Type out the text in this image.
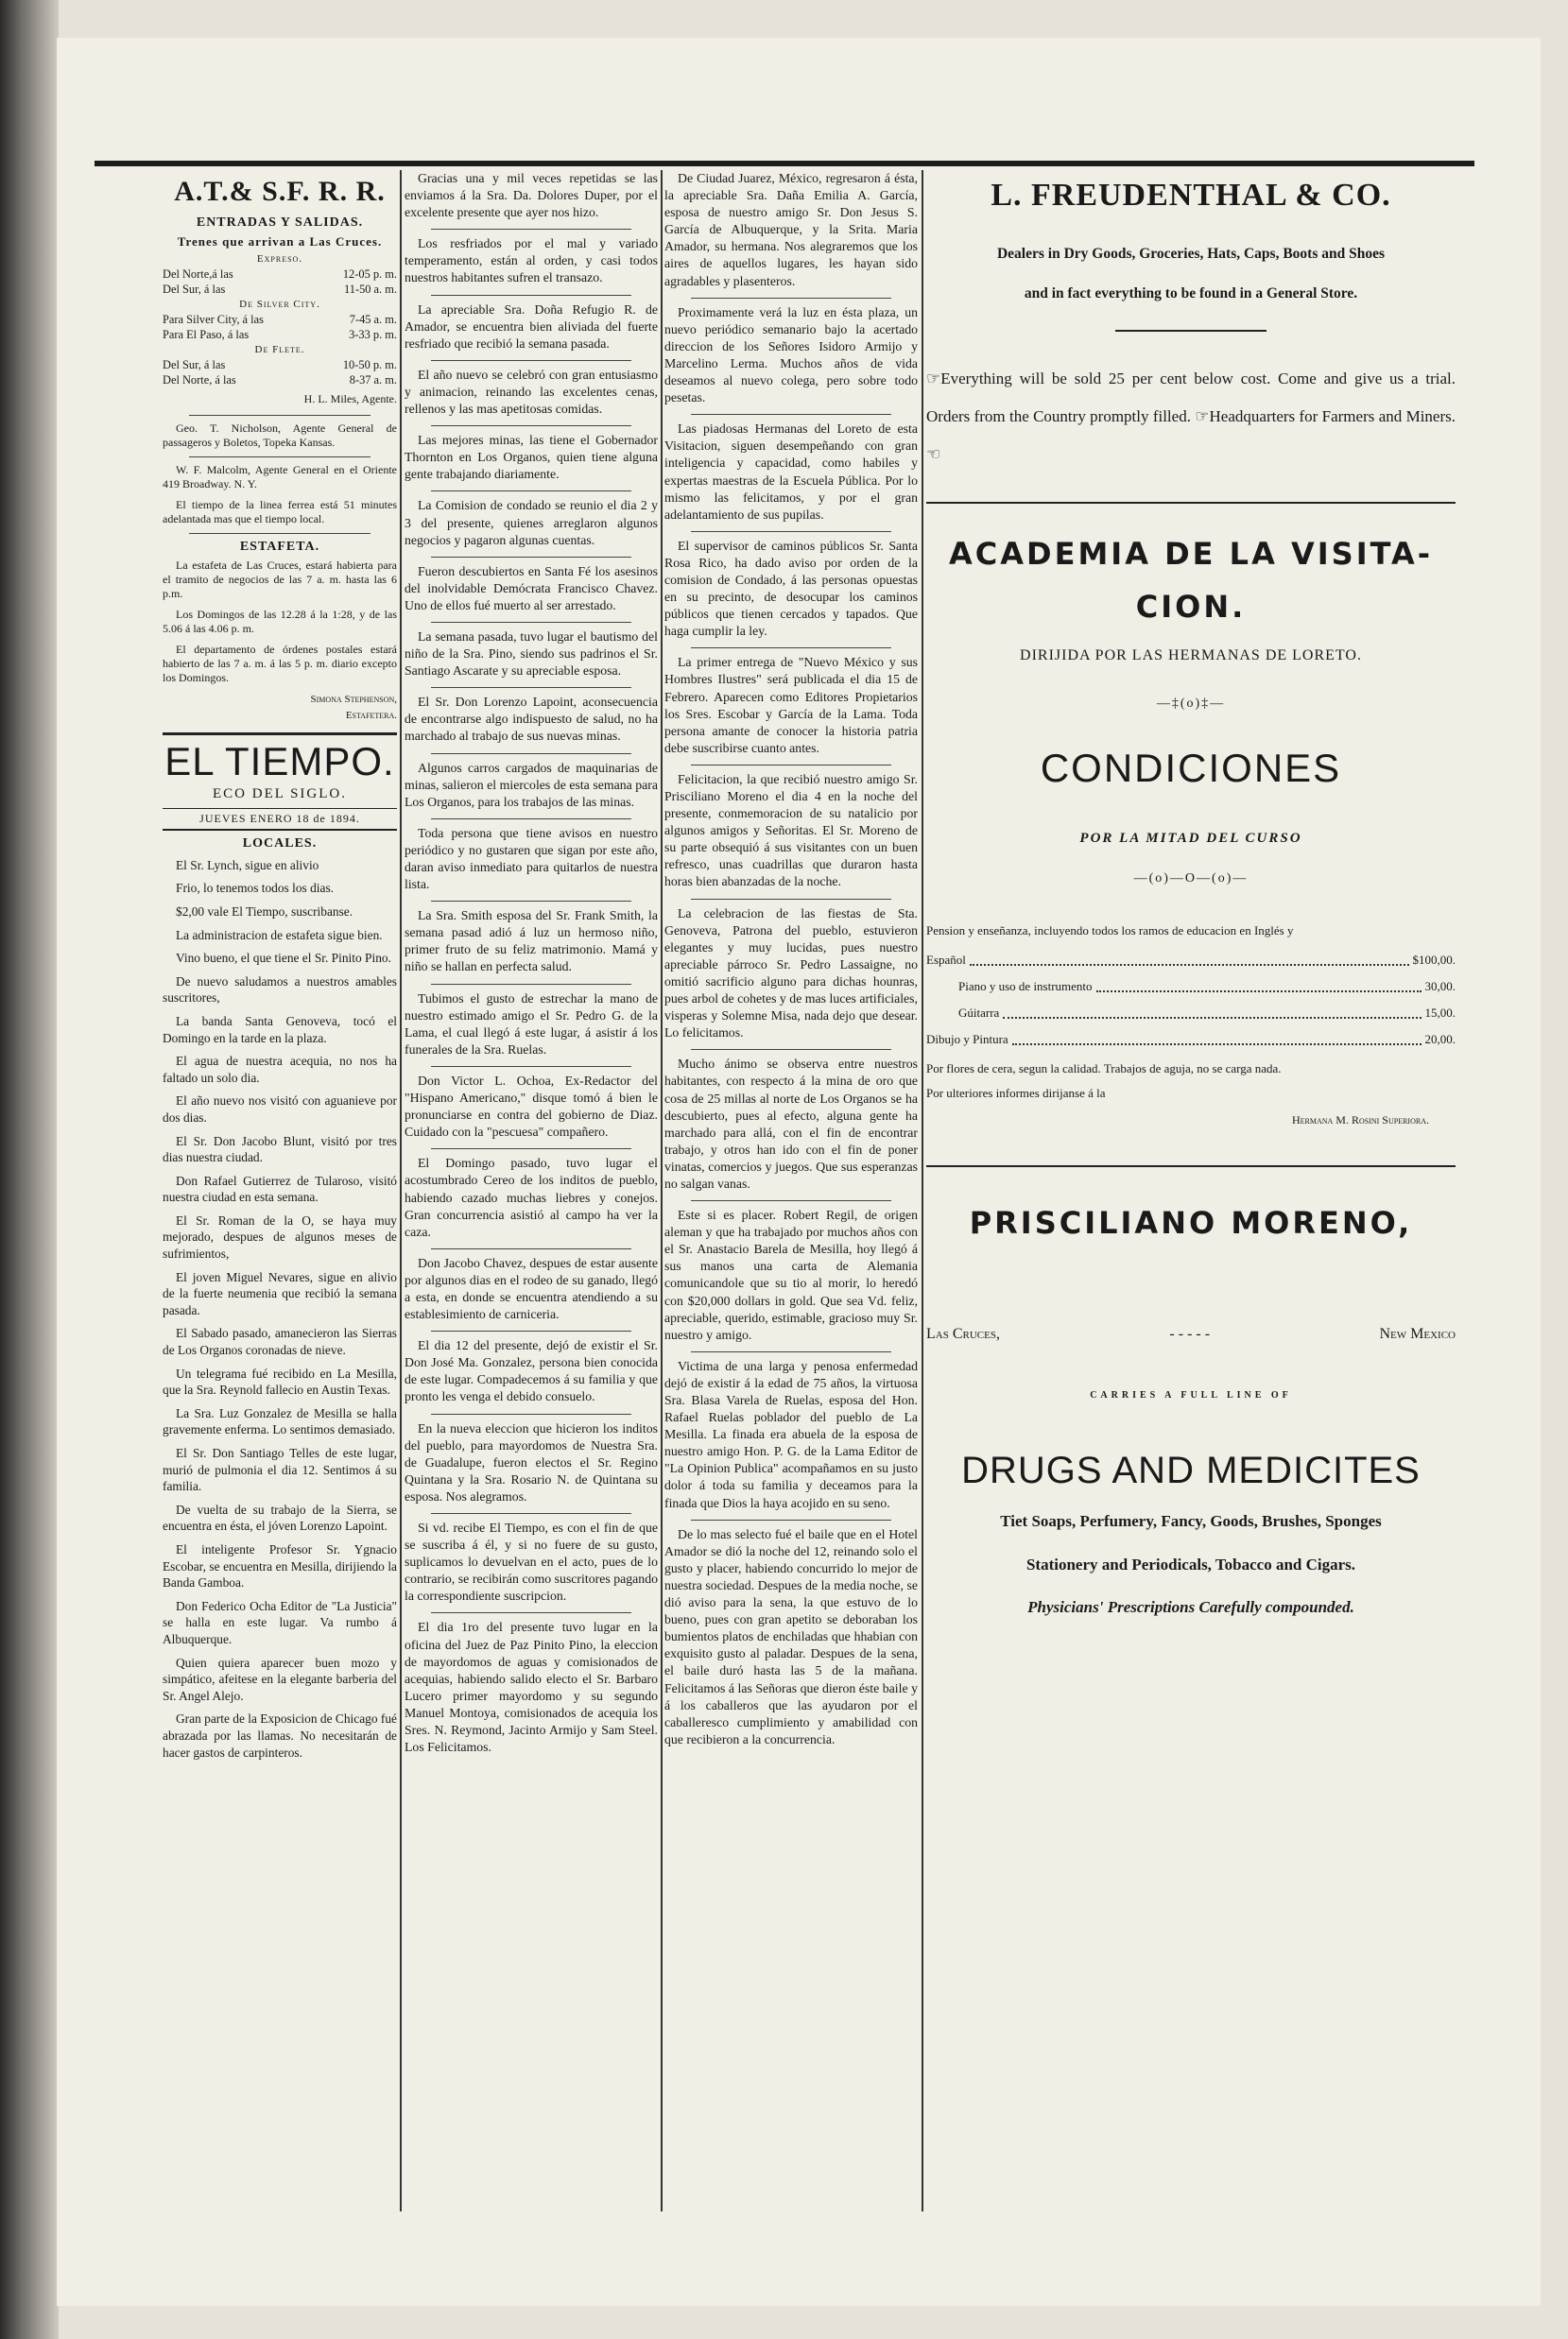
A.T.& S.F. R. R.
ENTRADAS Y SALIDAS.
Trenes que arrivan a Las Cruces.
Expreso.
Del Norte,á las	12-05 p. m.
Del Sur, á las	11-50 a. m.
De Silver City.
Para Silver City, á las	7-45 a. m.
Para El Paso, á las	3-33 p. m.
De Flete.
Del Sur, á las	10-50 p. m.
Del Norte, á las	8-37 a. m.

H. L. Miles, Agente.

Geo. T. Nicholson, Agente General de passageros y Boletos, Topeka Kansas.

W. F. Malcolm, Agente General en el Oriente 419 Broadway. N. Y.

El tiempo de la linea ferrea está 51 minutes adelantada mas que el tiempo local.

ESTAFETA.

La estafeta de Las Cruces, estará habierta para el tramito de negocios de las 7 a. m. hasta las 6 p.m.

Los Domingos de las 12.28 á la 1:28, y de las 5.06 á las 4.06 p. m.

El departamento de órdenes postales estará habierto de las 7 a. m. á las 5 p. m. diario excepto los Domingos.

Simona Stephenson,

Estafetera.

EL TIEMPO.
ECO DEL SIGLO.
JUEVES ENERO 18 de 1894.
LOCALES.

El Sr. Lynch, sigue en alivio

Frio, lo tenemos todos los dias.

$2,00 vale El Tiempo, suscribanse.

La administracion de estafeta sigue bien.

Vino bueno, el que tiene el Sr. Pinito Pino.

De nuevo saludamos a nuestros amables suscritores,

La banda Santa Genoveva, tocó el Domingo en la tarde en la plaza.

El agua de nuestra acequia, no nos ha faltado un solo dia.

El año nuevo nos visitó con aguanieve por dos dias.

El Sr. Don Jacobo Blunt, visitó por tres dias nuestra ciudad.

Don Rafael Gutierrez de Tularoso, visitó nuestra ciudad en esta semana.

El Sr. Roman de la O, se haya muy mejorado, despues de algunos meses de sufrimientos,

El joven Miguel Nevares, sigue en alivio de la fuerte neumenia que recibió la semana pasada.

El Sabado pasado, amanecieron las Sierras de Los Organos coronadas de nieve.

Un telegrama fué recibido en La Mesilla, que la Sra. Reynold fallecio en Austin Texas.

La Sra. Luz Gonzalez de Mesilla se halla gravemente enferma. Lo sentimos demasiado.

El Sr. Don Santiago Telles de este lugar, murió de pulmonia el dia 12. Sentimos á su familia.

De vuelta de su trabajo de la Sierra, se encuentra en ésta, el jóven Lorenzo Lapoint.

El inteligente Profesor Sr. Ygnacio Escobar, se encuentra en Mesilla, dirijiendo la Banda Gamboa.

Don Federico Ocha Editor de "La Justicia" se halla en este lugar. Va rumbo á Albuquerque.

Quien quiera aparecer buen mozo y simpático, afeitese en la elegante barberia del Sr. Angel Alejo.

Gran parte de la Exposicion de Chicago fué abrazada por las llamas. No necesitarán de hacer gastos de carpinteros.

Gracias una y mil veces repetidas se las enviamos á la Sra. Da. Dolores Duper, por el excelente presente que ayer nos hizo.

Los resfriados por el mal y variado temperamento, están al orden, y casi todos nuestros habitantes sufren el transazo.

La apreciable Sra. Doña Refugio R. de Amador, se encuentra bien aliviada del fuerte resfriado que recibió la semana pasada.

El año nuevo se celebró con gran entusiasmo y animacion, reinando las excelentes cenas, rellenos y las mas apetitosas comidas.

Las mejores minas, las tiene el Gobernador Thornton en Los Organos, quien tiene alguna gente trabajando diariamente.

La Comision de condado se reunio el dia 2 y 3 del presente, quienes arreglaron algunos negocios y pagaron algunas cuentas.

Fueron descubiertos en Santa Fé los asesinos del inolvidable Demócrata Francisco Chavez. Uno de ellos fué muerto al ser arrestado.

La semana pasada, tuvo lugar el bautismo del niño de la Sra. Pino, siendo sus padrinos el Sr. Santiago Ascarate y su apreciable esposa.

El Sr. Don Lorenzo Lapoint, aconsecuencia de encontrarse algo indispuesto de salud, no ha marchado al trabajo de sus nuevas minas.

Algunos carros cargados de maquinarias de minas, salieron el miercoles de esta semana para Los Organos, para los trabajos de las minas.

Toda persona que tiene avisos en nuestro periódico y no gustaren que sigan por este año, daran aviso inmediato para quitarlos de nuestra lista.

La Sra. Smith esposa del Sr. Frank Smith, la semana pasad adió á luz un hermoso niño, primer fruto de su feliz matrimonio. Mamá y niño se hallan en perfecta salud.

Tubimos el gusto de estrechar la mano de nuestro estimado amigo el Sr. Pedro G. de la Lama, el cual llegó á este lugar, á asistir á los funerales de la Sra. Ruelas.

Don Victor L. Ochoa, Ex-Redactor del "Hispano Americano," disque tomó á bien le pronunciarse en contra del gobierno de Diaz. Cuidado con la "pescuesa" compañero.

El Domingo pasado, tuvo lugar el acostumbrado Cereo de los inditos de pueblo, habiendo cazado muchas liebres y conejos. Gran concurrencia asistió al campo ha ver la caza.

Don Jacobo Chavez, despues de estar ausente por algunos dias en el rodeo de su ganado, llegó a esta, en donde se encuentra atendiendo a su establesimiento de carniceria.

El dia 12 del presente, dejó de existir el Sr. Don José Ma. Gonzalez, persona bien conocida de este lugar. Compadecemos á su familia y que pronto les venga el debido consuelo.

En la nueva eleccion que hicieron los inditos del pueblo, para mayordomos de Nuestra Sra. de Guadalupe, fueron electos el Sr. Regino Quintana y la Sra. Rosario N. de Quintana su esposa. Nos alegramos.

Si vd. recibe El Tiempo, es con el fin de que se suscriba á él, y si no fuere de su gusto, suplicamos lo devuelvan en el acto, pues de lo contrario, se recibirán como suscritores pagando la correspondiente suscripcion.

El dia 1ro del presente tuvo lugar en la oficina del Juez de Paz Pinito Pino, la eleccion de mayordomos de aguas y comisionados de acequias, habiendo salido electo el Sr. Barbaro Lucero primer mayordomo y su segundo Manuel Montoya, comisionados de acequia los Sres. N. Reymond, Jacinto Armijo y Sam Steel. Los Felicitamos.

De Ciudad Juarez, México, regresaron á ésta, la apreciable Sra. Daña Emilia A. García, esposa de nuestro amigo Sr. Don Jesus S. García de Albuquerque, y la Srita. Maria Amador, su hermana. Nos alegraremos que los aires de aquellos lugares, les hayan sido agradables y plasenteros.

Proximamente verá la luz en ésta plaza, un nuevo periódico semanario bajo la acertado direccion de los Señores Isidoro Armijo y Marcelino Lerma. Muchos años de vida deseamos al nuevo colega, pero sobre todo pesetas.

Las piadosas Hermanas del Loreto de esta Visitacion, siguen desempeñando con gran inteligencia y capacidad, como habiles y expertas maestras de la Escuela Pública. Por lo mismo las felicitamos, y por el gran adelantamiento de sus pupilas.

El supervisor de caminos públicos Sr. Santa Rosa Rico, ha dado aviso por orden de la comision de Condado, á las personas opuestas en su precinto, de desocupar los caminos públicos que tienen cercados y tapados. Que haga cumplir la ley.

La primer entrega de "Nuevo México y sus Hombres Ilustres" será publicada el dia 15 de Febrero. Aparecen como Editores Propietarios los Sres. Escobar y García de la Lama. Toda persona amante de conocer la historia patria debe suscribirse cuanto antes.

Felicitacion, la que recibió nuestro amigo Sr. Prisciliano Moreno el dia 4 en la noche del presente, conmemoracion de su natalicio por algunos amigos y Señoritas. El Sr. Moreno de su parte obsequió á sus visitantes con un buen refresco, unas cuadrillas que duraron hasta horas bien abanzadas de la noche.

La celebracion de las fiestas de Sta. Genoveva, Patrona del pueblo, estuvieron elegantes y muy lucidas, pues nuestro apreciable párroco Sr. Pedro Lassaigne, no omitió sacrificio alguno para dichas hounras, pues arbol de cohetes y de mas luces artificiales, visperas y Solemne Misa, nada dejo que desear. Lo felicitamos.

Mucho ánimo se observa entre nuestros habitantes, con respecto á la mina de oro que cosa de 25 millas al norte de Los Organos se ha descubierto, pues al efecto, alguna gente ha marchado para allá, con el fin de encontrar trabajo, y otros han ido con el fin de poner vinatas, comercios y juegos. Que sus esperanzas no salgan vanas.

Este si es placer. Robert Regil, de origen aleman y que ha trabajado por muchos años con el Sr. Anastacio Barela de Mesilla, hoy llegó á sus manos una carta de Alemania comunicandole que su tio al morir, lo heredó con $20,000 dollars in gold. Que sea Vd. feliz, apreciable, querido, estimable, gracioso muy Sr. nuestro y amigo.

Victima de una larga y penosa enfermedad dejó de existir á la edad de 75 años, la virtuosa Sra. Blasa Varela de Ruelas, esposa del Hon. Rafael Ruelas poblador del pueblo de La Mesilla. La finada era abuela de la esposa de nuestro amigo Hon. P. G. de la Lama Editor de "La Opinion Publica" acompañamos en su justo dolor á toda su familia y deceamos para la finada que Dios la haya acojido en su seno.

De lo mas selecto fué el baile que en el Hotel Amador se dió la noche del 12, reinando solo el gusto y placer, habiendo concurrido lo mejor de nuestra sociedad. Despues de la media noche, se dió aviso para la sena, la que estuvo de lo bueno, pues con gran apetito se deboraban los bumientos platos de enchiladas que hhabian con exquisito gusto al paladar. Despues de la sena, el baile duró hasta las 5 de la mañana. Felicitamos á las Señoras que dieron éste baile y á los caballeros que las ayudaron por el caballeresco cumplimiento y amabilidad con que recibieron a la concurrencia.

L. FREUDENTHAL & CO.

Dealers in Dry Goods, Groceries, Hats, Caps, Boots and Shoes

and in fact everything to be found in a General Store.

☞Everything will be sold 25 per cent below cost. Come and give us a trial. Orders from the Country promptly filled. ☞Headquarters for Farmers and Miners.☜

ACADEMIA DE LA VISITA-
CION.
DIRIJIDA POR LAS HERMANAS DE LORETO.
—‡(o)‡—
CONDICIONES
POR LA MITAD DEL CURSO
—(o)—O—(o)—

Pension y enseñanza, incluyendo todos los ramos de educacion en Inglés y

Español	$100,00.
Piano y uso de instrumento	30,00.
Gúitarra	15,00.
Dibujo y Pintura	20,00.

Por flores de cera, segun la calidad. Trabajos de aguja, no se carga nada.

Por ulteriores informes dirijanse á la

Hermana M. Rosini Superiora.
PRISCILIANO MORENO,
Las Cruces,	- - - - -	New Mexico
CARRIES A FULL LINE OF
DRUGS AND MEDICITES

Tiet Soaps, Perfumery, Fancy, Goods, Brushes, Sponges

Stationery and Periodicals, Tobacco and Cigars.

Physicians' Prescriptions Carefully compounded.
